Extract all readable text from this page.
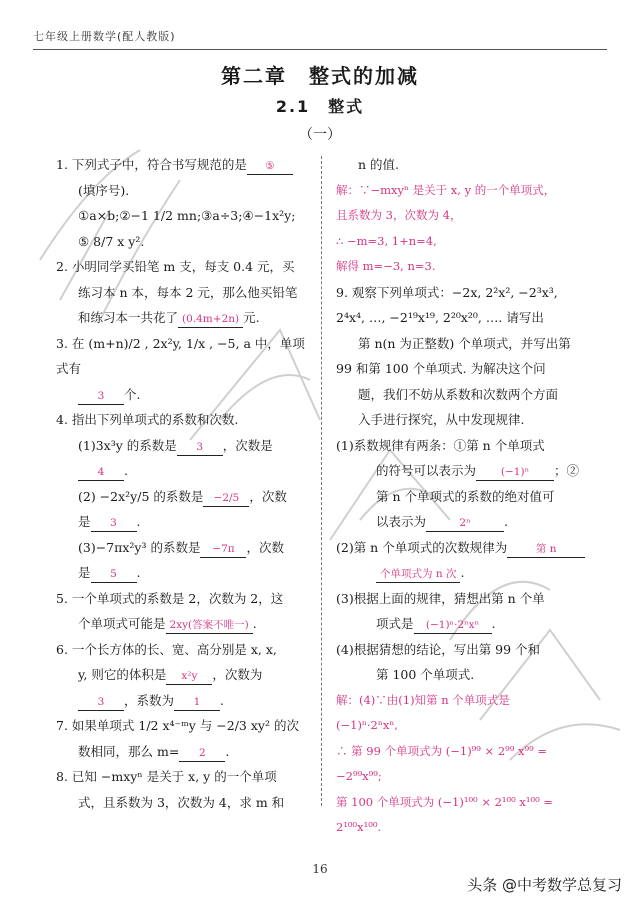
七年级上册数学(配人教版)
第二章　整式的加减
2.1　整式
（一）
1. 下列式子中，符合书写规范的是 ⑤
(填序号).
①a×b;②−1 1/2 mn;③a÷3;④−1x²y;
⑤ 8/7 x y².
2. 小明同学买铅笔 m 支，每支 0.4 元，买
练习本 n 本，每本 2 元，那么他买铅笔
和练习本一共花了 (0.4m+2n) 元.
3. 在 (m+n)/2 , 2x²y, 1/x , −5, a 中，单项式有
3 个.
4. 指出下列单项式的系数和次数.
(1)3x³y 的系数是 3 ，次数是4 .
(2) −2x²y/5 的系数是 −2/5 ，次数
是 3 .
(3)−7πx²y³ 的系数是 −7π ，次数
是 5 .
5. 一个单项式的系数是 2，次数为 2，这
个单项式可能是 2xy(答案不唯一) .
6. 一个长方体的长、宽、高分别是 x, x,
y, 则它的体积是 x²y ，次数为
3 ，系数为 1 .
7. 如果单项式 1/2 x⁴⁻ᵐy 与 −2/3 xy² 的次
数相同，那么 m= 2 .
8. 已知 −mxyⁿ 是关于 x, y 的一个单项
式，且系数为 3，次数为 4，求 m 和
n 的值.
解：∵−mxyⁿ 是关于 x, y 的一个单项式，
且系数为 3，次数为 4，
∴ −m=3, 1+n=4,
解得 m=−3, n=3.
9. 观察下列单项式：−2x, 2²x², −2³x³,
2⁴x⁴, …, −2¹⁹x¹⁹, 2²⁰x²⁰, …. 请写出
第 n(n 为正整数) 个单项式，并写出第
99 和第 100 个单项式. 为解决这个问
题，我们不妨从系数和次数两个方面
入手进行探究，从中发现规律.
(1)系数规律有两条：①第 n 个单项式
的符号可以表示为 (−1)ⁿ ；②
第 n 个单项式的系数的绝对值可
以表示为	2ⁿ	.
(2)第 n 个单项式的次数规律为	第 n
个单项式为 n 次 .
(3)根据上面的规律，猜想出第 n 个单
项式是 (−1)ⁿ·2ⁿxⁿ .
(4)根据猜想的结论，写出第 99 个和
第 100 个单项式.
解：(4)∵由(1)知第 n 个单项式是
(−1)ⁿ·2ⁿxⁿ,
∴ 第 99 个单项式为 (−1)⁹⁹ × 2⁹⁹ x⁹⁹ =
−2⁹⁹x⁹⁹;
第 100 个单项式为 (−1)¹⁰⁰ × 2¹⁰⁰ x¹⁰⁰ =
2¹⁰⁰x¹⁰⁰.
16
头条 @中考数学总复习
